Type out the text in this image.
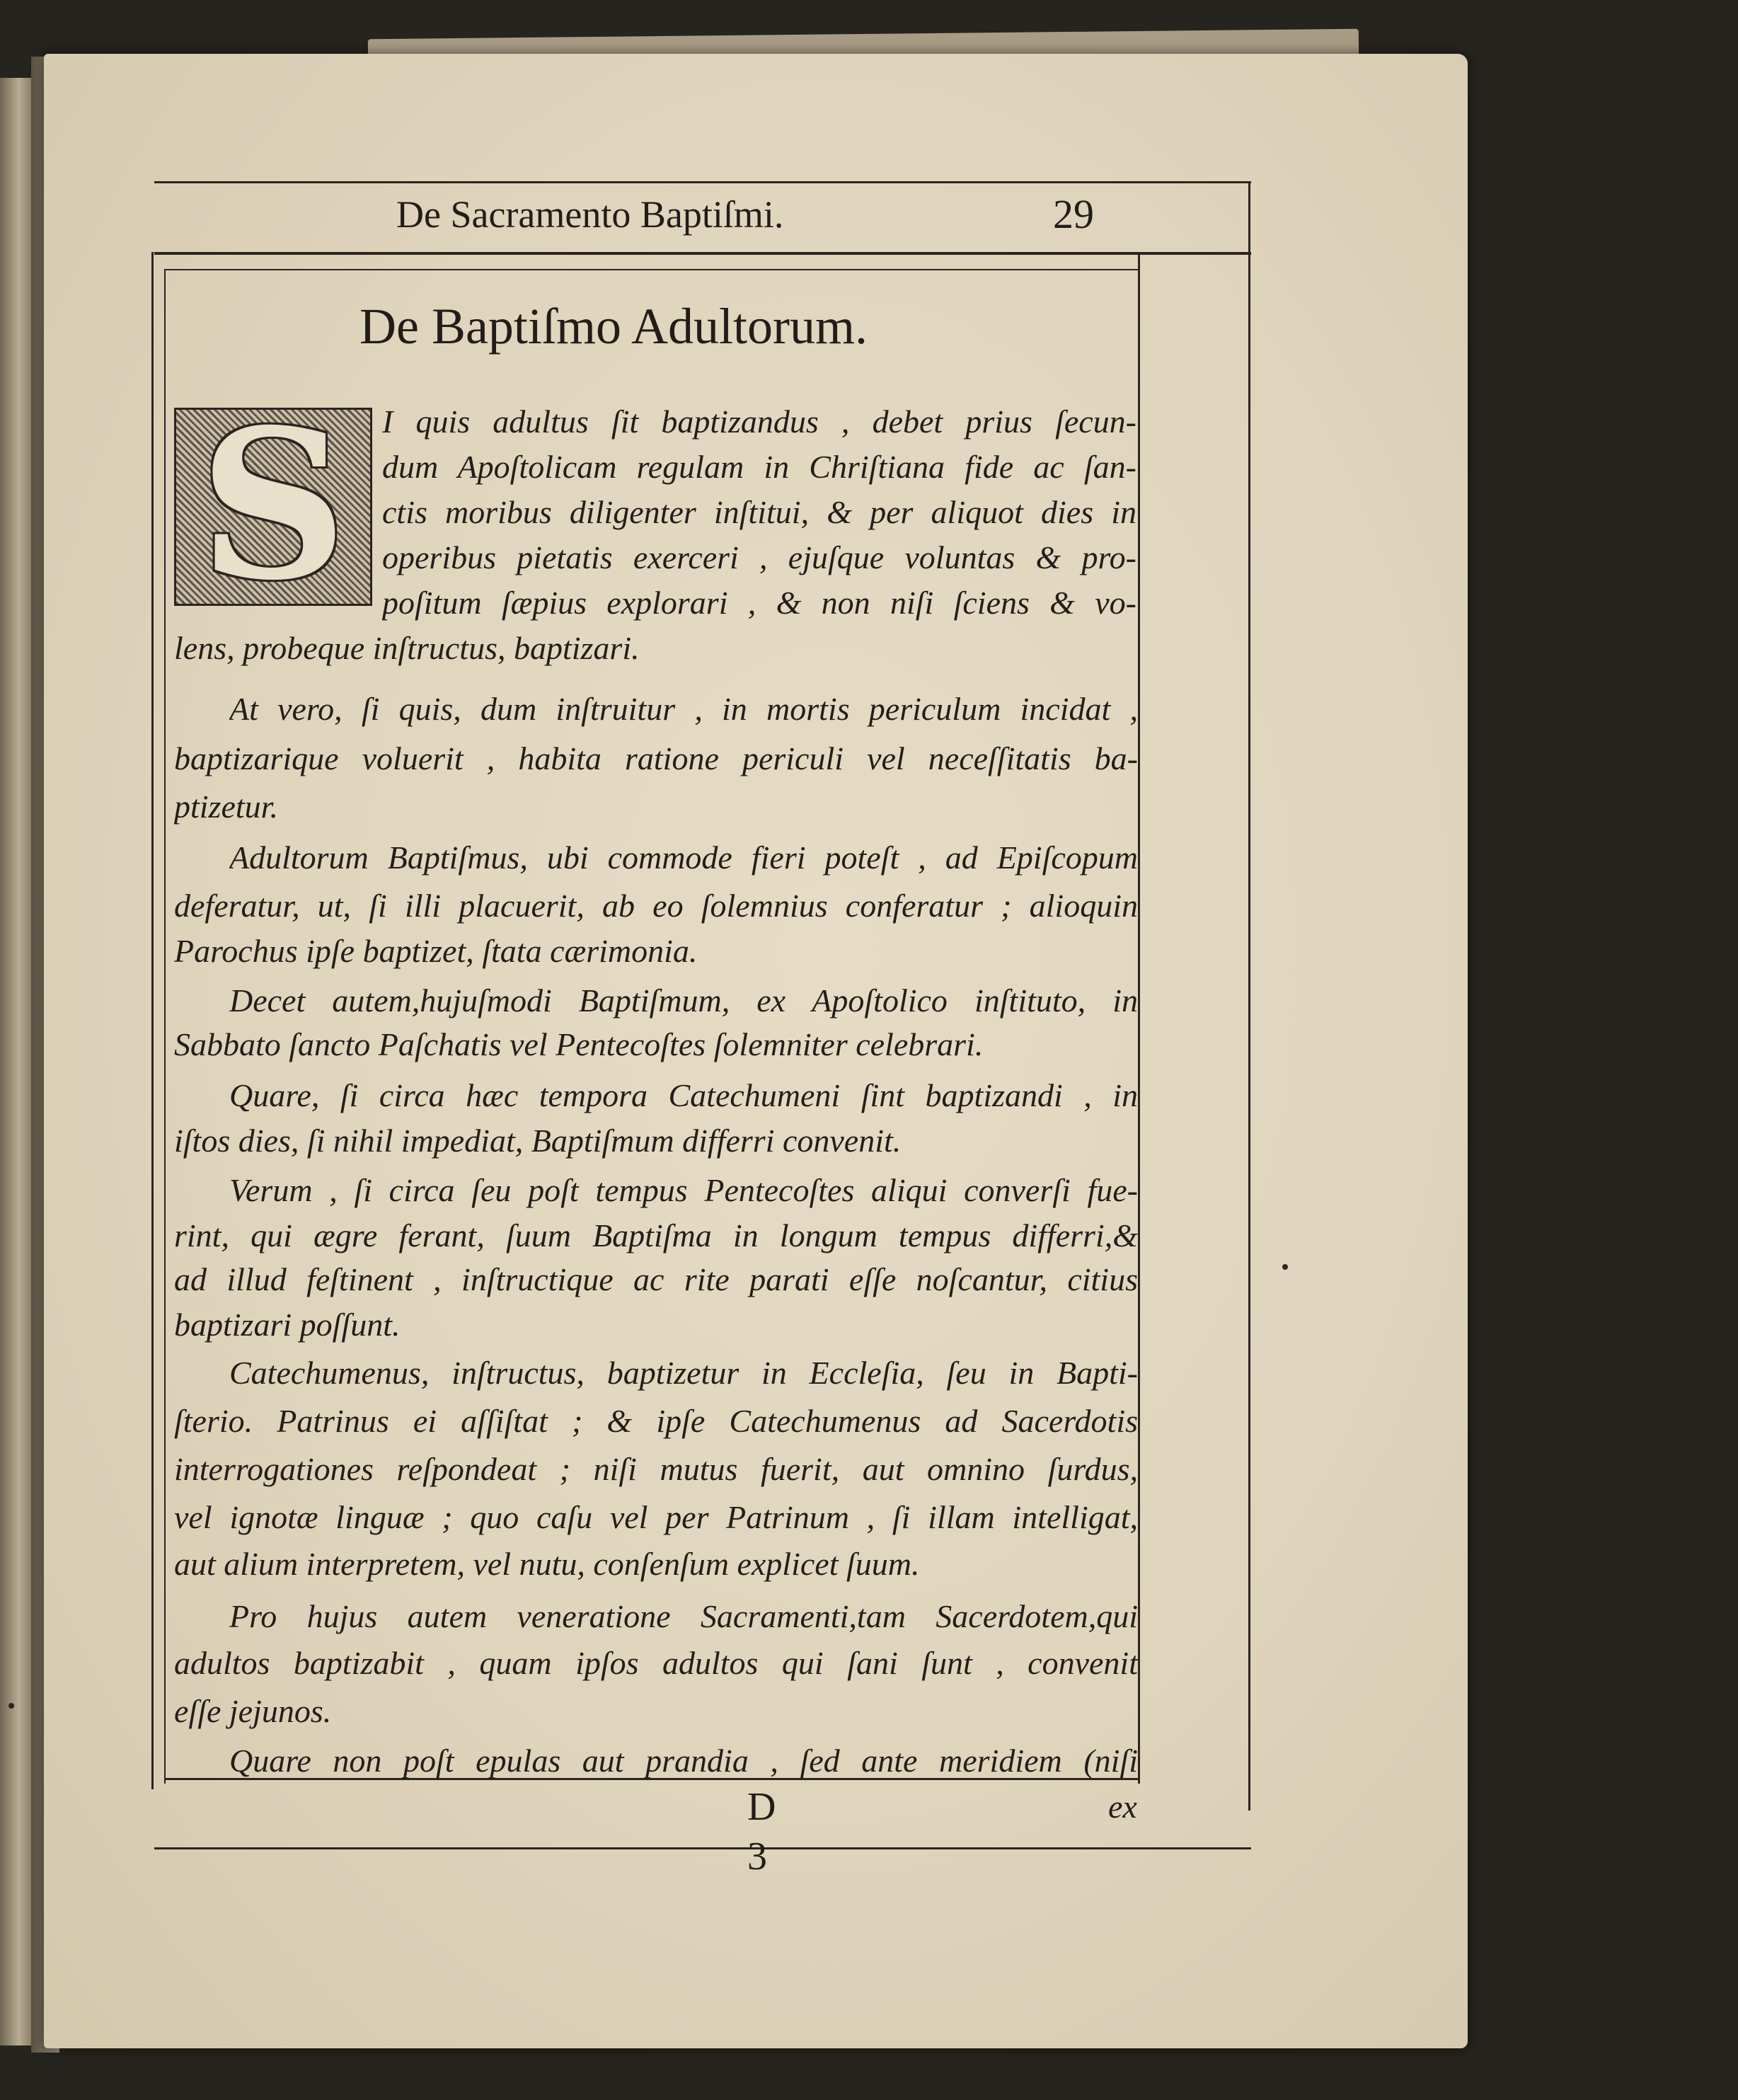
De Sacramento Baptiſmi.	29
De Baptiſmo Adultorum.
S	I quis adultus ſit baptizandus , debet prius ſecun-
dum Apoſtolicam regulam in Chriſtiana fide ac ſan-
ctis moribus diligenter inſtitui, & per aliquot dies in
operibus pietatis exerceri , ejuſque voluntas & pro-
poſitum ſæpius explorari , & non niſi ſciens & vo-
lens, probeque inſtructus, baptizari.
At vero, ſi quis, dum inſtruitur , in mortis periculum incidat ,
baptizarique voluerit , habita ratione periculi vel neceſſitatis ba-
ptizetur.
Adultorum Baptiſmus, ubi commode fieri poteſt , ad Epiſcopum
deferatur, ut, ſi illi placuerit, ab eo ſolemnius conferatur ; alioquin
Parochus ipſe baptizet, ſtata cærimonia.
Decet autem,hujuſmodi Baptiſmum, ex Apoſtolico inſtituto, in
Sabbato ſancto Paſchatis vel Pentecoſtes ſolemniter celebrari.
Quare, ſi circa hæc tempora Catechumeni ſint baptizandi , in
iſtos dies, ſi nihil impediat, Baptiſmum differri convenit.
Verum , ſi circa ſeu poſt tempus Pentecoſtes aliqui converſi fue-
rint, qui ægre ferant, ſuum Baptiſma in longum tempus differri,&
ad illud feſtinent , inſtructique ac rite parati eſſe noſcantur, citius
baptizari poſſunt.
Catechumenus, inſtructus, baptizetur in Eccleſia, ſeu in Bapti-
ſterio. Patrinus ei aſſiſtat ; & ipſe Catechumenus ad Sacerdotis
interrogationes reſpondeat ; niſi mutus fuerit, aut omnino ſurdus,
vel ignotæ linguæ ; quo caſu vel per Patrinum , ſi illam intelligat,
aut alium interpretem, vel nutu, conſenſum explicet ſuum.
Pro hujus autem veneratione Sacramenti,tam Sacerdotem,qui
adultos baptizabit , quam ipſos adultos qui ſani ſunt , convenit
eſſe jejunos.
Quare non poſt epulas aut prandia , ſed ante meridiem (niſi
D 3
ex
